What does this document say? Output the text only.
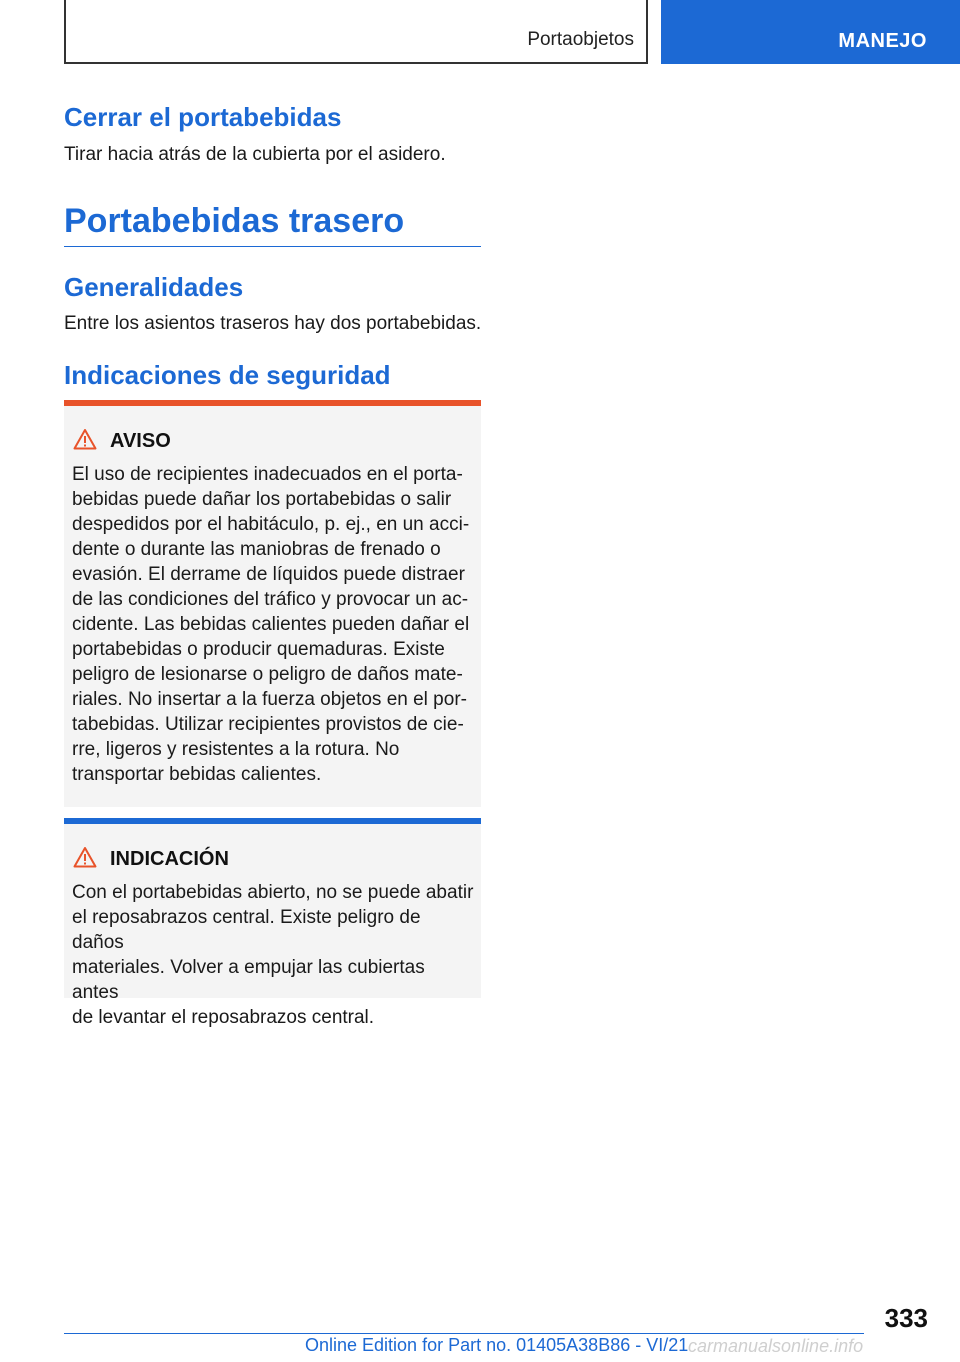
Portaobjetos	MANEJO
Cerrar el portabebidas

Tirar hacia atrás de la cubierta por el asidero.

Portabebidas trasero
Generalidades

Entre los asientos traseros hay dos portabebidas.

Indicaciones de seguridad
AVISO
El uso de recipientes inadecuados en el porta‑
bebidas puede dañar los portabebidas o salir
despedidos por el habitáculo, p. ej., en un acci‑
dente o durante las maniobras de frenado o
evasión. El derrame de líquidos puede distraer
de las condiciones del tráfico y provocar un ac‑
cidente. Las bebidas calientes pueden dañar el
portabebidas o producir quemaduras. Existe
peligro de lesionarse o peligro de daños mate‑
riales. No insertar a la fuerza objetos en el por‑
tabebidas. Utilizar recipientes provistos de cie‑
rre, ligeros y resistentes a la rotura. No
transportar bebidas calientes.
INDICACIÓN
Con el portabebidas abierto, no se puede abatir
el reposabrazos central. Existe peligro de daños
materiales. Volver a empujar las cubiertas antes
de levantar el reposabrazos central.
333
Online Edition for Part no. 01405A38B86 - VI/21 carmanualsonline.info
